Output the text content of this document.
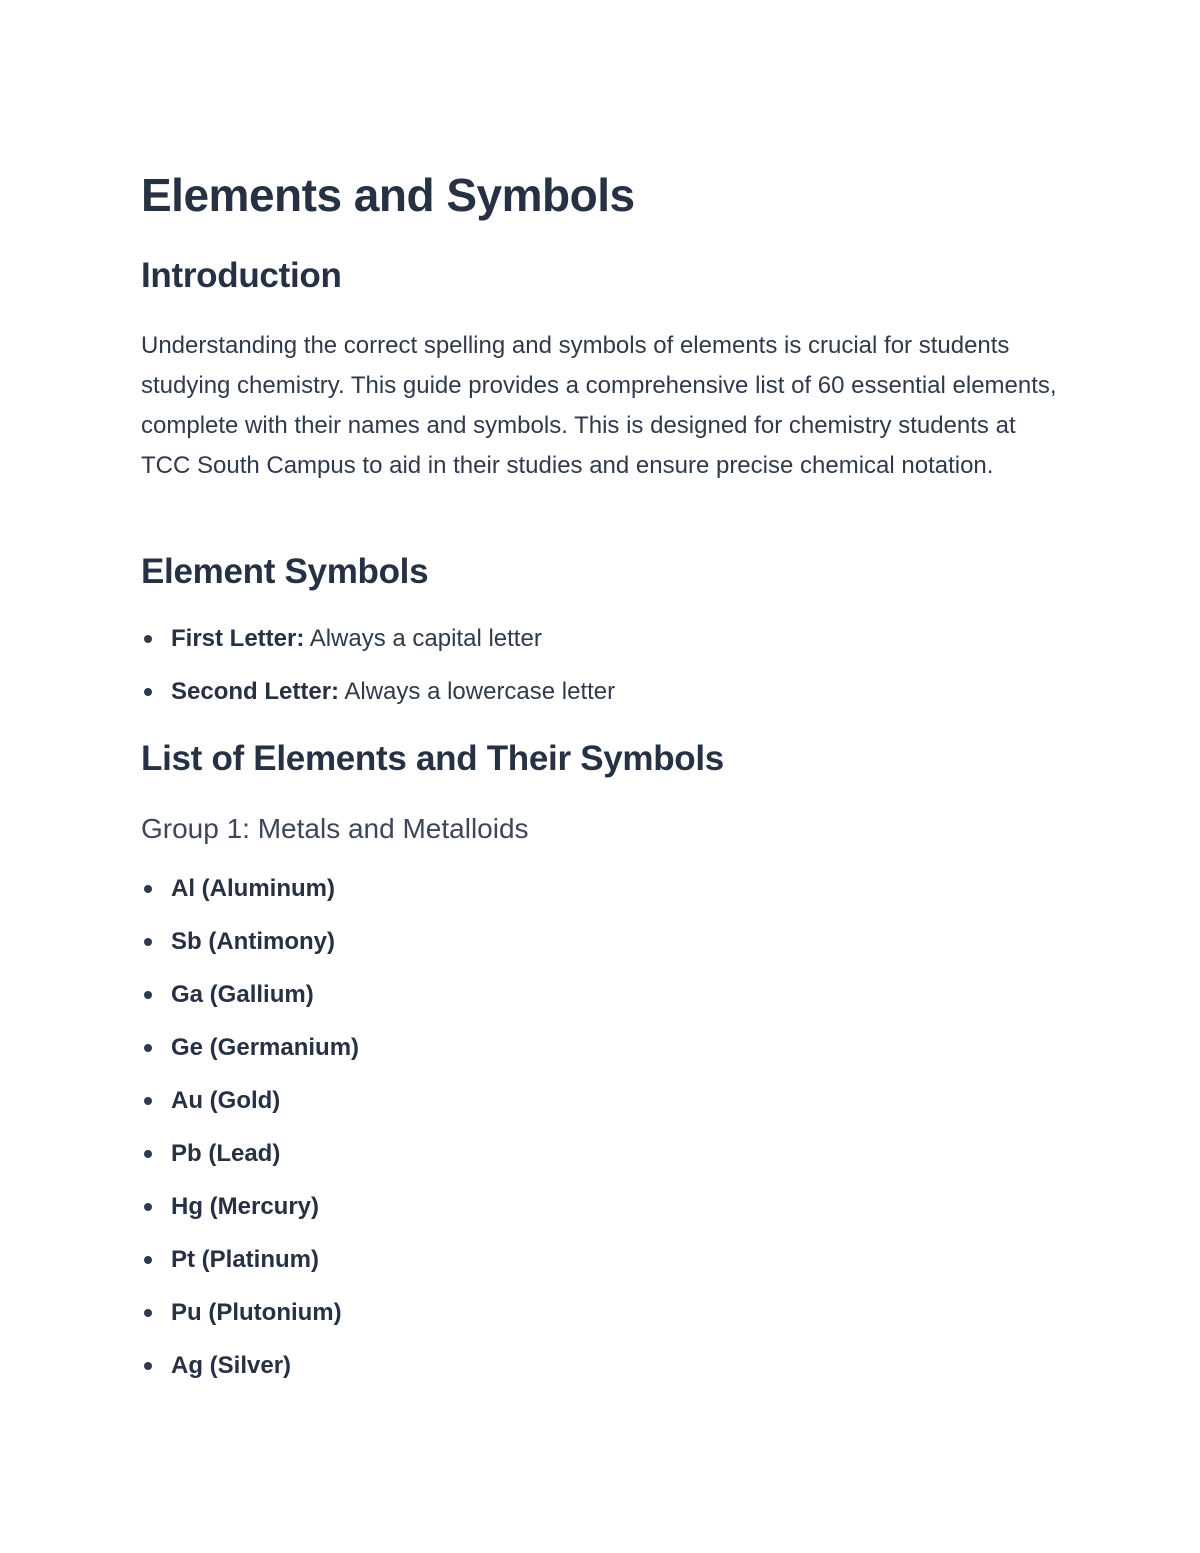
Elements and Symbols
Introduction

Understanding the correct spelling and symbols of elements is crucial for students studying chemistry. This guide provides a comprehensive list of 60 essential elements, complete with their names and symbols. This is designed for chemistry students at TCC South Campus to aid in their studies and ensure precise chemical notation.

Element Symbols
First Letter: Always a capital letter
Second Letter: Always a lowercase letter
List of Elements and Their Symbols
Group 1: Metals and Metalloids
Al (Aluminum)
Sb (Antimony)
Ga (Gallium)
Ge (Germanium)
Au (Gold)
Pb (Lead)
Hg (Mercury)
Pt (Platinum)
Pu (Plutonium)
Ag (Silver)
